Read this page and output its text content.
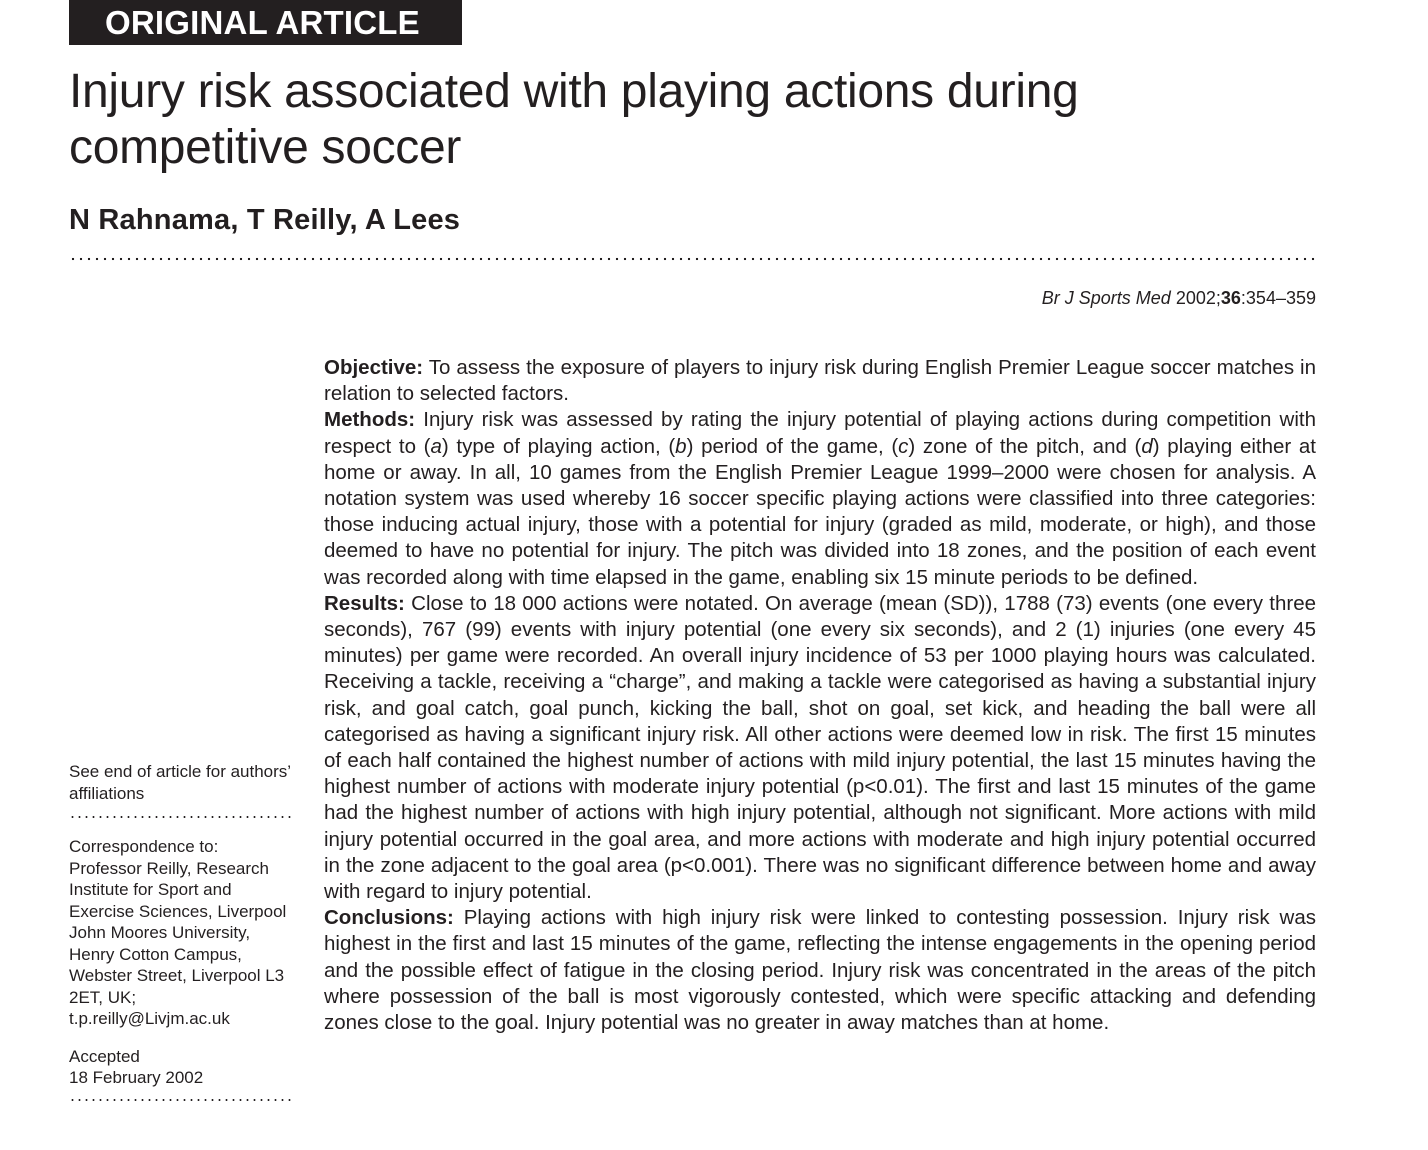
ORIGINAL ARTICLE
Injury risk associated with playing actions during competitive soccer
N Rahnama, T Reilly, A Lees
Br J Sports Med 2002;36:354–359

See end of article for authors’ affiliations

Correspondence to:

Professor Reilly, Research Institute for Sport and Exercise Sciences, Liverpool John Moores University, Henry Cotton Campus, Webster Street, Liverpool L3 2ET, UK; t.p.reilly@Livjm.ac.uk

Accepted

18 February 2002

Objective: To assess the exposure of players to injury risk during English Premier League soccer matches in relation to selected factors.

Methods: Injury risk was assessed by rating the injury potential of playing actions during competition with respect to (a) type of playing action, (b) period of the game, (c) zone of the pitch, and (d) playing either at home or away. In all, 10 games from the English Premier League 1999–2000 were chosen for analysis. A notation system was used whereby 16 soccer specific playing actions were classified into three categories: those inducing actual injury, those with a potential for injury (graded as mild, moderate, or high), and those deemed to have no potential for injury. The pitch was divided into 18 zones, and the position of each event was recorded along with time elapsed in the game, enabling six 15 minute periods to be defined.

Results: Close to 18 000 actions were notated. On average (mean (SD)), 1788 (73) events (one every three seconds), 767 (99) events with injury potential (one every six seconds), and 2 (1) injuries (one every 45 minutes) per game were recorded. An overall injury incidence of 53 per 1000 playing hours was calculated. Receiving a tackle, receiving a “charge”, and making a tackle were categorised as having a substantial injury risk, and goal catch, goal punch, kicking the ball, shot on goal, set kick, and heading the ball were all categorised as having a significant injury risk. All other actions were deemed low in risk. The first 15 minutes of each half contained the highest number of actions with mild injury potential, the last 15 minutes having the highest number of actions with moderate injury potential (p<0.01). The first and last 15 minutes of the game had the highest number of actions with high injury potential, although not significant. More actions with mild injury potential occurred in the goal area, and more actions with moderate and high injury potential occurred in the zone adjacent to the goal area (p<0.001). There was no significant difference between home and away with regard to injury potential.

Conclusions: Playing actions with high injury risk were linked to contesting possession. Injury risk was highest in the first and last 15 minutes of the game, reflecting the intense engagements in the opening period and the possible effect of fatigue in the closing period. Injury risk was concentrated in the areas of the pitch where possession of the ball is most vigorously contested, which were specific attacking and defending zones close to the goal. Injury potential was no greater in away matches than at home.
